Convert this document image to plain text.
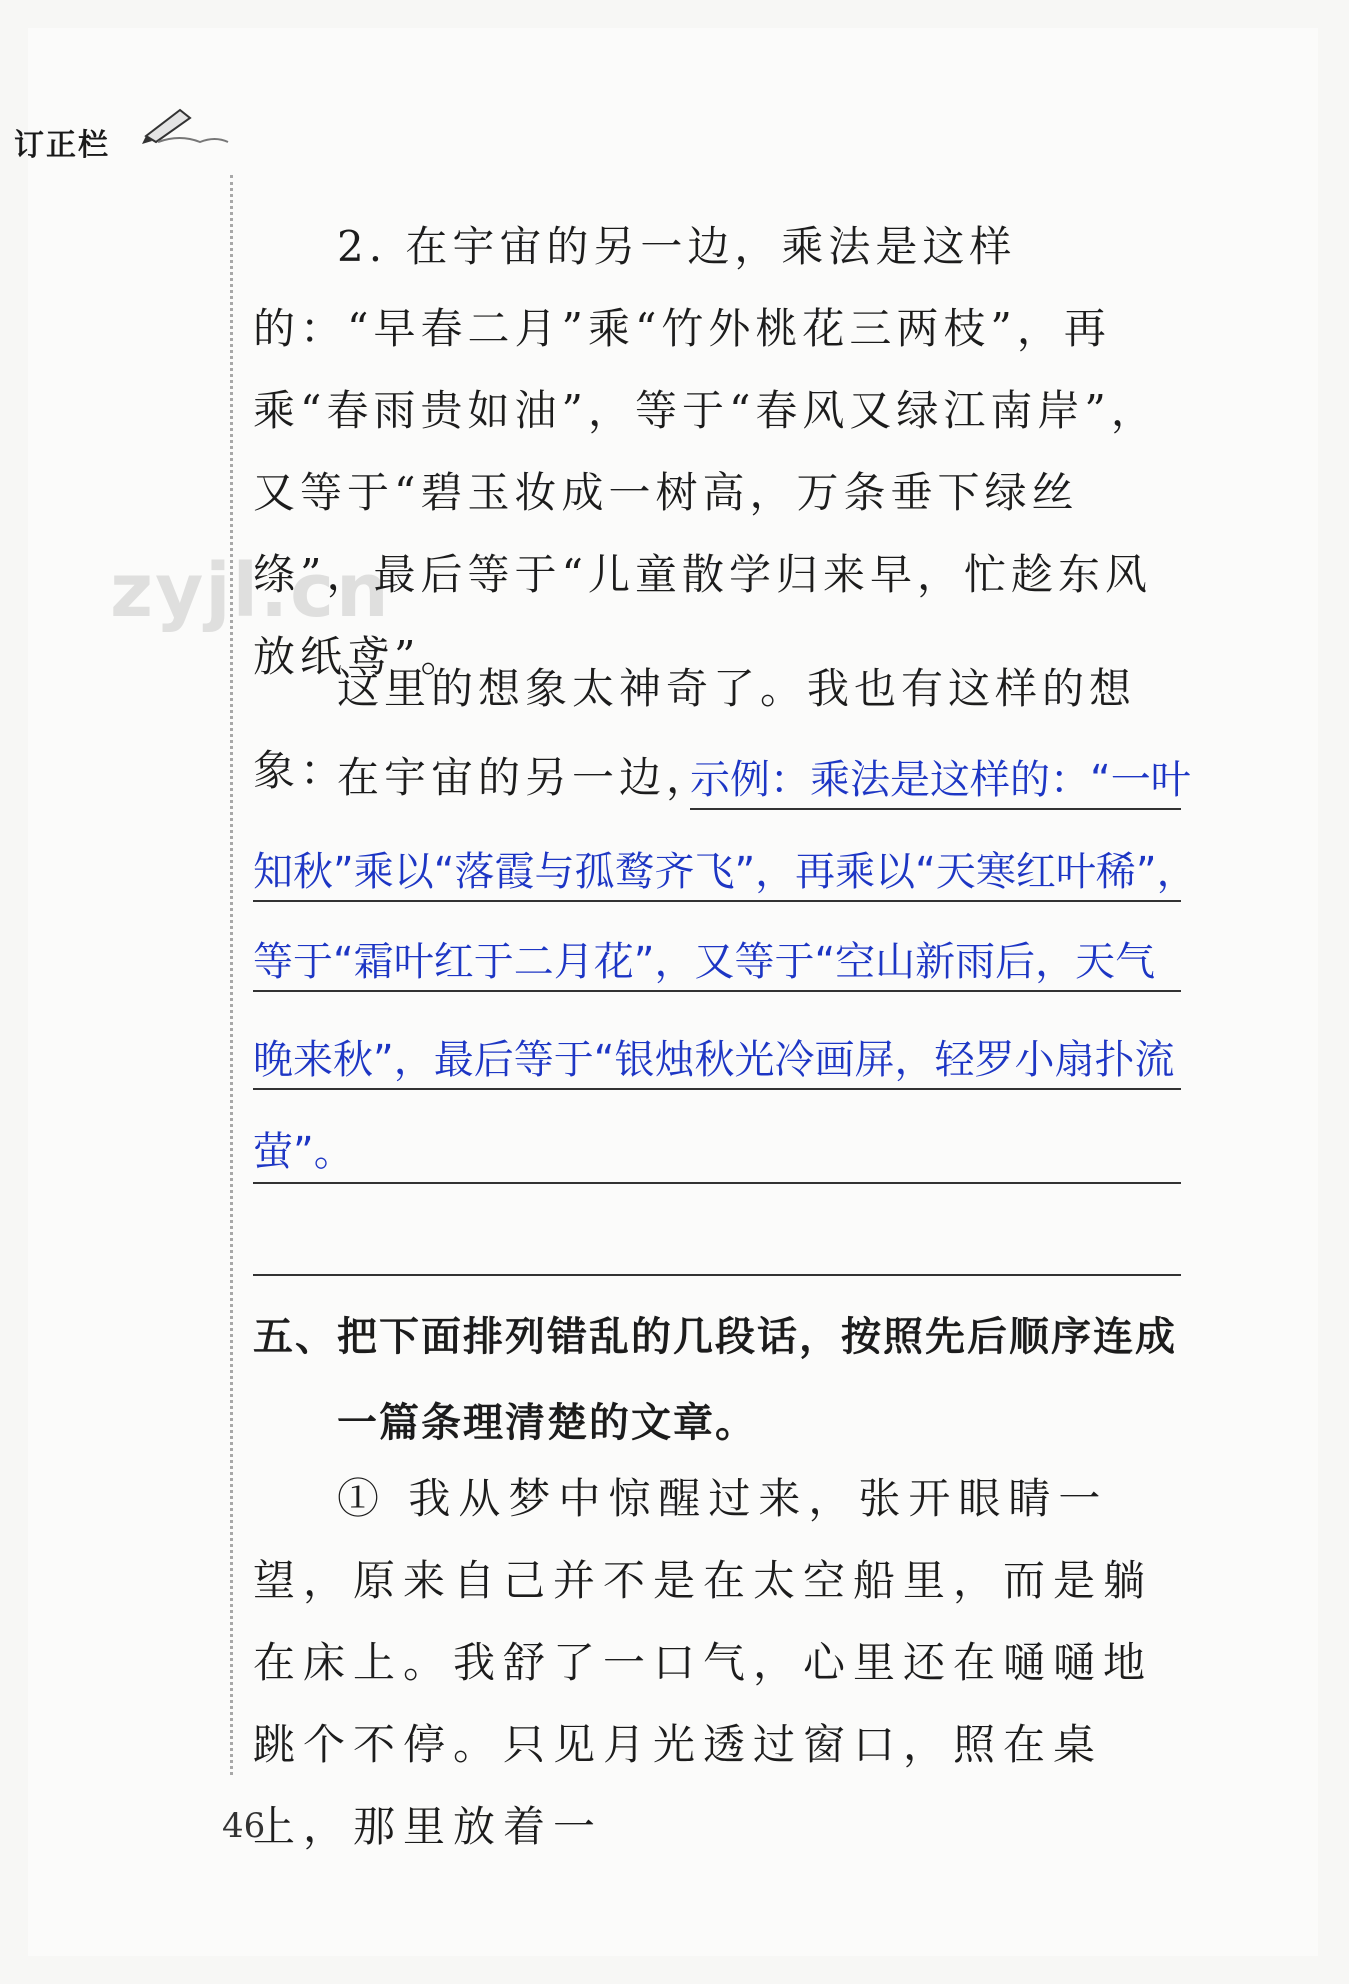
订正栏
zyjl.cn

2. 在宇宙的另一边，乘法是这样的：“早春二月”乘“竹外桃花三两枝”，再乘“春雨贵如油”，等于“春风又绿江南岸”，又等于“碧玉妆成一树高，万条垂下绿丝绦”，最后等于“儿童散学归来早，忙趁东风放纸鸢”。

这里的想象太神奇了。我也有这样的想象：

在宇宙的另一边，
示例：乘法是这样的：“一叶
知秋”乘以“落霞与孤鹜齐飞”，再乘以“天寒红叶稀”，
等于“霜叶红于二月花”，又等于“空山新雨后，天气
晚来秋”，最后等于“银烛秋光冷画屏，轻罗小扇扑流
萤”。

五、把下面排列错乱的几段话，按照先后顺序连成一篇条理清楚的文章。

① 我从梦中惊醒过来，张开眼睛一望，原来自己并不是在太空船里，而是躺在床上。我舒了一口气，心里还在嗵嗵地跳个不停。只见月光透过窗口，照在桌上，那里放着一

46
